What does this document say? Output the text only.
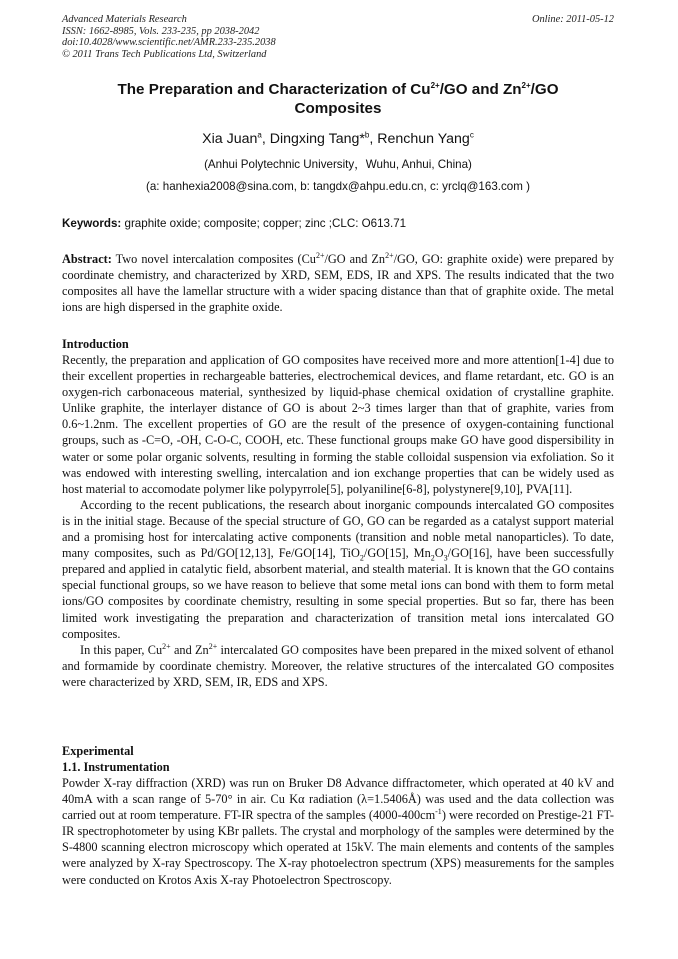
Advanced Materials Research
ISSN: 1662-8985, Vols. 233-235, pp 2038-2042
doi:10.4028/www.scientific.net/AMR.233-235.2038
© 2011 Trans Tech Publications Ltd, Switzerland
Online: 2011-05-12
The Preparation and Characterization of $Cu^{2+}/GO$ and $Zn^{2+}/GO$
Composites
Xia Juan$^a$, Dingxing Tang*$^b$, Renchun Yang$^c$
(Anhui Polytechnic University，Wuhu, Anhui, China)
(a: hanhexia2008@sina.com, b: tangdx@ahpu.edu.cn, c: yrclq@163.com )
Keywords: graphite oxide; composite; copper; zinc ;CLC: O613.71

Abstract: Two novel intercalation composites ($Cu^{2+}/GO$ and $Zn^{2+}/GO$, GO: graphite oxide) were prepared by coordinate chemistry, and characterized by XRD, SEM, EDS, IR and XPS. The results indicated that the two composites all have the lamellar structure with a wider spacing distance than that of graphite oxide. The metal ions are high dispersed in the graphite oxide.

Introduction

Recently, the preparation and application of GO composites have received more and more attention[1-4] due to their excellent properties in rechargeable batteries, electrochemical devices, and flame retardant, etc. GO is an oxygen-rich carbonaceous material, synthesized by liquid-phase chemical oxidation of crystalline graphite. Unlike graphite, the interlayer distance of GO is about 2~3 times larger than that of graphite, varies from 0.6~1.2nm. The excellent properties of GO are the result of the presence of oxygen-containing functional groups, such as -C=O, -OH, C-O-C, COOH, etc. These functional groups make GO have good dispersibility in water or some polar organic solvents, resulting in forming the stable colloidal suspension via exfoliation. So it was endowed with interesting swelling, intercalation and ion exchange properties that can be widely used as host material to accomodate polymer like polypyrrole[5], polyaniline[6-8], polystynere[9,10], PVA[11].

According to the recent publications, the research about inorganic compounds intercalated GO composites is in the initial stage. Because of the special structure of GO, GO can be regarded as a catalyst support material and a promising host for intercalating active components (transition and noble metal nanoparticles). To date, many composites, such as Pd/GO[12,13], Fe/GO[14], TiO$_2$/GO[15], $Mn_2O_3/GO[16]$, have been successfully prepared and applied in catalytic field, absorbent material, and stealth material. It is known that the GO contains special functional groups, so we have reason to believe that some metal ions can bond with them to form metal ions/GO composites by coordinate chemistry, resulting in some special properties. But so far, there has been limited work investigating the preparation and characterization of transition metal ions intercalated GO composites.

In this paper, $Cu^{2+}$ and $Zn^{2+}$ intercalated GO composites have been prepared in the mixed solvent of ethanol and formamide by coordinate chemistry. Moreover, the relative structures of the intercalated GO composites were characterized by XRD, SEM, IR, EDS and XPS.

Experimental
1.1. Instrumentation

Powder X-ray diffraction (XRD) was run on Bruker D8 Advance diffractometer, which operated at 40 kV and 40mA with a scan range of 5-70° in air. Cu Kα radiation (λ=1.5406Å) was used and the data collection was carried out at room temperature. FT-IR spectra of the samples $(4000-400cm^{-1})$ were recorded on Prestige-21 FT-IR spectrophotometer by using KBr pallets. The crystal and morphology of the samples were determined by the S-4800 scanning electron microscopy which operated at 15kV. The main elements and contents of the samples were analyzed by X-ray Spectroscopy. The X-ray photoelectron spectrum (XPS) measurements for the samples were conducted on Krotos Axis X-ray Photoelectron Spectroscopy.
